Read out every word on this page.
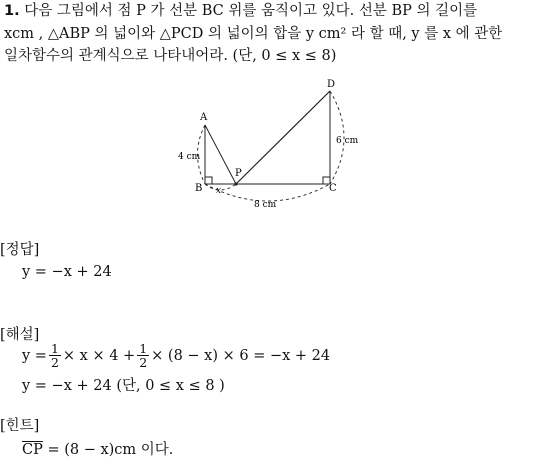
1. 다음 그림에서 점 P 가 선분 BC 위를 움직이고 있다. 선분 BP 의 길이를
xcm , △ABP 의 넓이와 △PCD 의 넓이의 합을 y cm² 라 할 때, y 를 x 에 관한
일차함수의 관계식으로 나타내어라. (단, 0 ≤ x ≤ 8)
A
B	C
D
P
4 cm
6 cm
x
8 cm
[정답]
y = −x + 24
[해설]
$y = \frac{1}{2} \times x \times 4 + \frac{1}{2} \times (8 - x) \times 6 = -x + 24$
y = −x + 24 (단, 0 ≤ x ≤ 8 )
[힌트]
$\overline{CP} = (8 - x)cm$ 이다.
